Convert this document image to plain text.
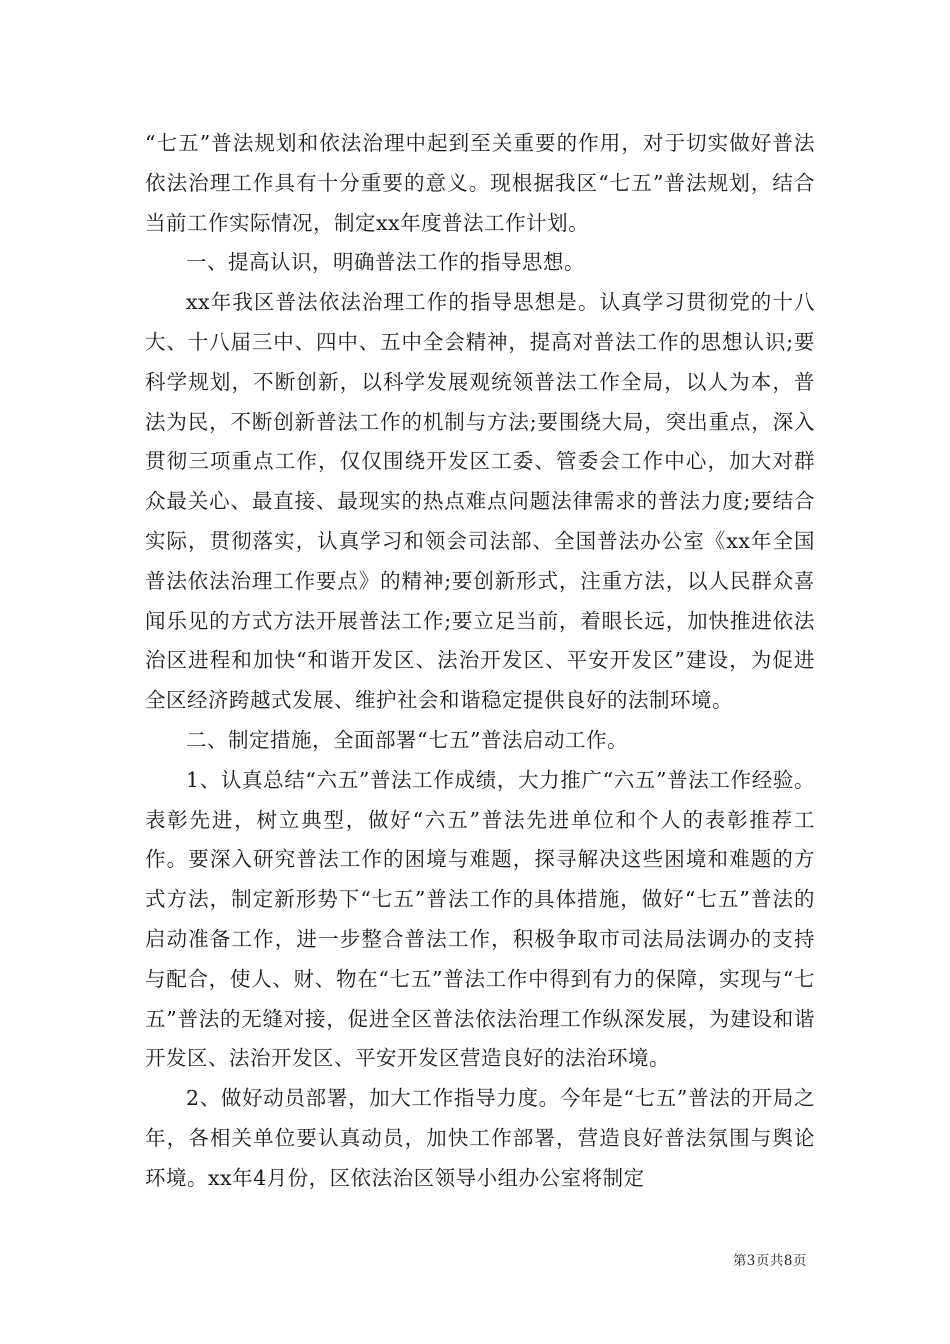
“七五”普法规划和依法治理中起到至关重要的作用，对于切实做好普法依法治理工作具有十分重要的意义。现根据我区“七五”普法规划，结合当前工作实际情况，制定xx年度普法工作计划。

一、提高认识，明确普法工作的指导思想。

xx年我区普法依法治理工作的指导思想是。认真学习贯彻党的十八大、十八届三中、四中、五中全会精神，提高对普法工作的思想认识;要科学规划，不断创新，以科学发展观统领普法工作全局，以人为本，普法为民，不断创新普法工作的机制与方法;要围绕大局，突出重点，深入贯彻三项重点工作，仅仅围绕开发区工委、管委会工作中心，加大对群众最关心、最直接、最现实的热点难点问题法律需求的普法力度;要结合实际，贯彻落实，认真学习和领会司法部、全国普法办公室《xx年全国普法依法治理工作要点》的精神;要创新形式，注重方法，以人民群众喜闻乐见的方式方法开展普法工作;要立足当前，着眼长远，加快推进依法治区进程和加快“和谐开发区、法治开发区、平安开发区”建设，为促进全区经济跨越式发展、维护社会和谐稳定提供良好的法制环境。

二、制定措施，全面部署“七五”普法启动工作。

1、认真总结“六五”普法工作成绩，大力推广“六五”普法工作经验。表彰先进，树立典型，做好“六五”普法先进单位和个人的表彰推荐工作。要深入研究普法工作的困境与难题，探寻解决这些困境和难题的方式方法，制定新形势下“七五”普法工作的具体措施，做好“七五”普法的启动准备工作，进一步整合普法工作，积极争取市司法局法调办的支持与配合，使人、财、物在“七五”普法工作中得到有力的保障，实现与“七五”普法的无缝对接，促进全区普法依法治理工作纵深发展，为建设和谐开发区、法治开发区、平安开发区营造良好的法治环境。

2、做好动员部署，加大工作指导力度。今年是“七五”普法的开局之年，各相关单位要认真动员，加快工作部署，营造良好普法氛围与舆论环境。xx年4月份，区依法治区领导小组办公室将制定

第3页共8页
